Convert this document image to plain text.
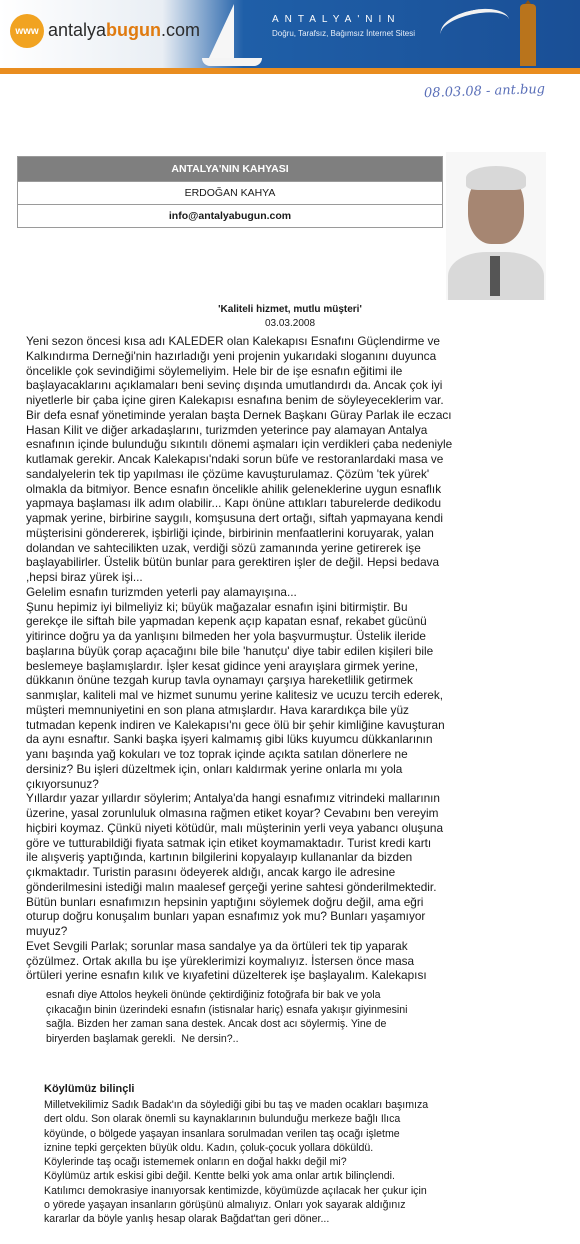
www antalyabugun.com
ANTALYA'NIN
Doğru, Tarafsız, Bağımsız İnternet Sitesi
08.03.08 - ant.bug
ANTALYA'NIN KAHYASI
ERDOĞAN KAHYA
info@antalyabugun.com
'Kaliteli hizmet, mutlu müşteri'
03.03.2008

Yeni sezon öncesi kısa adı KALEDER olan Kalekapısı Esnafını Güçlendirme ve
Kalkındırma Derneği'nin hazırladığı yeni projenin yukarıdaki sloganını duyunca
öncelikle çok sevindiğimi söylemeliyim. Hele bir de işe esnafın eğitimi ile
başlayacaklarını açıklamaları beni sevinç dışında umutlandırdı da. Ancak çok iyi
niyetlerle bir çaba içine giren Kalekapısı esnafına benim de söyleyeceklerim var.
Bir defa esnaf yönetiminde yeralan başta Dernek Başkanı Güray Parlak ile eczacı
Hasan Kilit ve diğer arkadaşlarını, turizmden yeterince pay alamayan Antalya
esnafının içinde bulunduğu sıkıntılı dönemi aşmaları için verdikleri çaba nedeniyle
kutlamak gerekir. Ancak Kalekapısı'ndaki sorun büfe ve restoranlardaki masa ve
sandalyelerin tek tip yapılması ile çözüme kavuşturulamaz. Çözüm 'tek yürek'
olmakla da bitmiyor. Bence esnafın öncelikle ahilik geleneklerine uygun esnaflık
yapmaya başlaması ilk adım olabilir... Kapı önüne attıkları taburelerde dedikodu
yapmak yerine, birbirine saygılı, komşusuna dert ortağı, siftah yapmayana kendi
müşterisini göndererek, işbirliği içinde, birbirinin menfaatlerini koruyarak, yalan
dolandan ve sahtecilikten uzak, verdiği sözü zamanında yerine getirerek işe
başlayabilirler. Üstelik bütün bunlar para gerektiren işler de değil. Hepsi bedava
,hepsi biraz yürek işi...
Gelelim esnafın turizmden yeterli pay alamayışına...
Şunu hepimiz iyi bilmeliyiz ki; büyük mağazalar esnafın işini bitirmiştir. Bu
gerekçe ile siftah bile yapmadan kepenk açıp kapatan esnaf, rekabet gücünü
yitirince doğru ya da yanlışını bilmeden her yola başvurmuştur. Üstelik ileride
başlarına büyük çorap açacağını bile bile 'hanutçu' diye tabir edilen kişileri bile
beslemeye başlamışlardır. İşler kesat gidince yeni arayışlara girmek yerine,
dükkanın önüne tezgah kurup tavla oynamayı çarşıya hareketlilik getirmek
sanmışlar, kaliteli mal ve hizmet sunumu yerine kalitesiz ve ucuzu tercih ederek,
müşteri memnuniyetini en son plana atmışlardır. Hava karardıkça bile yüz
tutmadan kepenk indiren ve Kalekapısı'nı gece ölü bir şehir kimliğine kavuşturan
da aynı esnaftır. Sanki başka işyeri kalmamış gibi lüks kuyumcu dükkanlarının
yanı başında yağ kokuları ve toz toprak içinde açıkta satılan dönerlere ne
dersiniz? Bu işleri düzeltmek için, onları kaldırmak yerine onlarla mı yola
çıkıyorsunuz?
Yıllardır yazar yıllardır söylerim; Antalya'da hangi esnafımız vitrindeki mallarının
üzerine, yasal zorunluluk olmasına rağmen etiket koyar? Cevabını ben vereyim
hiçbiri koymaz. Çünkü niyeti kötüdür, malı müşterinin yerli veya yabancı oluşuna
göre ve tutturabildiği fiyata satmak için etiket koymamaktadır. Turist kredi kartı
ile alışveriş yaptığında, kartının bilgilerini kopyalayıp kullananlar da bizden
çıkmaktadır. Turistin parasını ödeyerek aldığı, ancak kargo ile adresine
gönderilmesini istediği malın maalesef gerçeği yerine sahtesi gönderilmektedir.
Bütün bunları esnafımızın hepsinin yaptığını söylemek doğru değil, ama eğri
oturup doğru konuşalım bunları yapan esnafımız yok mu? Bunları yaşamıyor
muyuz?
Evet Sevgili Parlak; sorunlar masa sandalye ya da örtüleri tek tip yaparak
çözülmez. Ortak akılla bu işe yüreklerimizi koymalıyız. İstersen önce masa
örtüleri yerine esnafın kılık ve kıyafetini düzelterek işe başlayalım. Kalekapısı

esnafı diye Attolos heykeli önünde çektirdiğiniz fotoğrafa bir bak ve yola
çıkacağın binin üzerindeki esnafın (istisnalar hariç) esnafa yakışır giyinmesini
sağla. Bizden her zaman sana destek. Ancak dost acı söylermiş. Yine de
biryerden başlamak gerekli.  Ne dersin?..

Köylümüz bilinçli

Milletvekilimiz Sadık Badak'ın da söylediği gibi bu taş ve maden ocakları başımıza
dert oldu. Son olarak önemli su kaynaklarının bulunduğu merkeze bağlı Ilıca
köyünde, o bölgede yaşayan insanlara sorulmadan verilen taş ocağı işletme
iznine tepki gerçekten büyük oldu. Kadın, çoluk-çocuk yollara döküldü.
Köylerinde taş ocağı istememek onların en doğal hakkı değil mi?
Köylümüz artık eskisi gibi değil. Kentte belki yok ama onlar artık bilinçlendi.
Katılımcı demokrasiye inanıyorsak kentimizde, köyümüzde açılacak her çukur için
o yörede yaşayan insanların görüşünü almalıyız. Onları yok sayarak aldığınız
kararlar da böyle yanlış hesap olarak Bağdat'tan geri döner...
